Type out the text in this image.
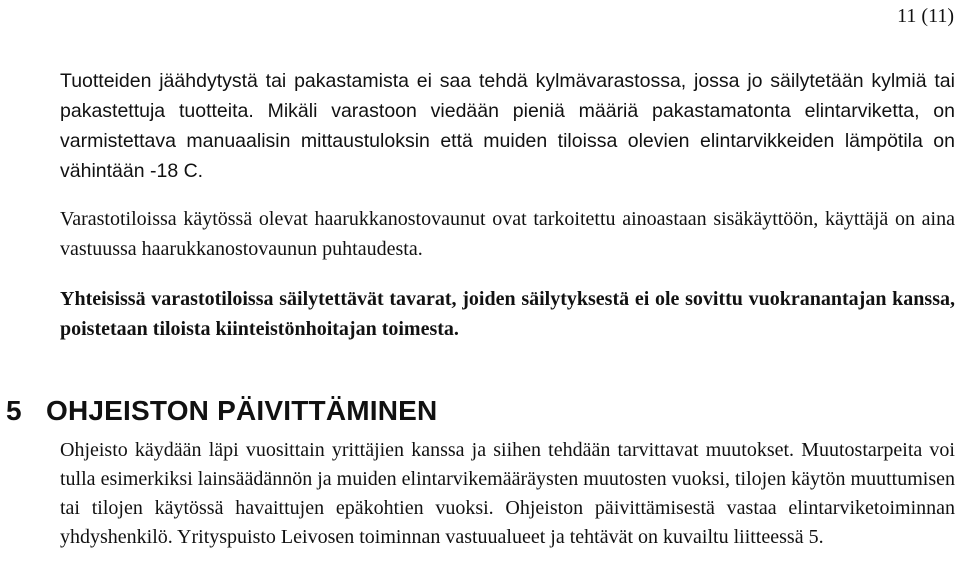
11 (11)

Tuotteiden jäähdytystä tai pakastamista ei saa tehdä kylmävarastossa, jossa jo säilytetään kylmiä tai pakastettuja tuotteita. Mikäli varastoon viedään pieniä määriä pakastamatonta elintarviketta, on varmistettava manuaalisin mittaustuloksin että muiden tiloissa olevien elintarvikkeiden lämpötila on vähintään -18 C.

Varastotiloissa käytössä olevat haarukkanostovaunut ovat tarkoitettu ainoastaan sisäkäyttöön, käyttäjä on aina vastuussa haarukkanostovaunun puhtaudesta.

Yhteisissä varastotiloissa säilytettävät tavarat, joiden säilytyksestä ei ole sovittu vuokranantajan kanssa, poistetaan tiloista kiinteistönhoitajan toimesta.

5 OHJEISTON PÄIVITTÄMINEN

Ohjeisto käydään läpi vuosittain yrittäjien kanssa ja siihen tehdään tarvittavat muutokset. Muutostarpeita voi tulla esimerkiksi lainsäädännön ja muiden elintarvikemääräysten muutosten vuoksi, tilojen käytön muuttumisen tai tilojen käytössä havaittujen epäkohtien vuoksi. Ohjeiston päivittämisestä vastaa elintarviketoiminnan yhdyshenkilö. Yrityspuisto Leivosen toiminnan vastuualueet ja tehtävät on kuvailtu liitteessä 5.
